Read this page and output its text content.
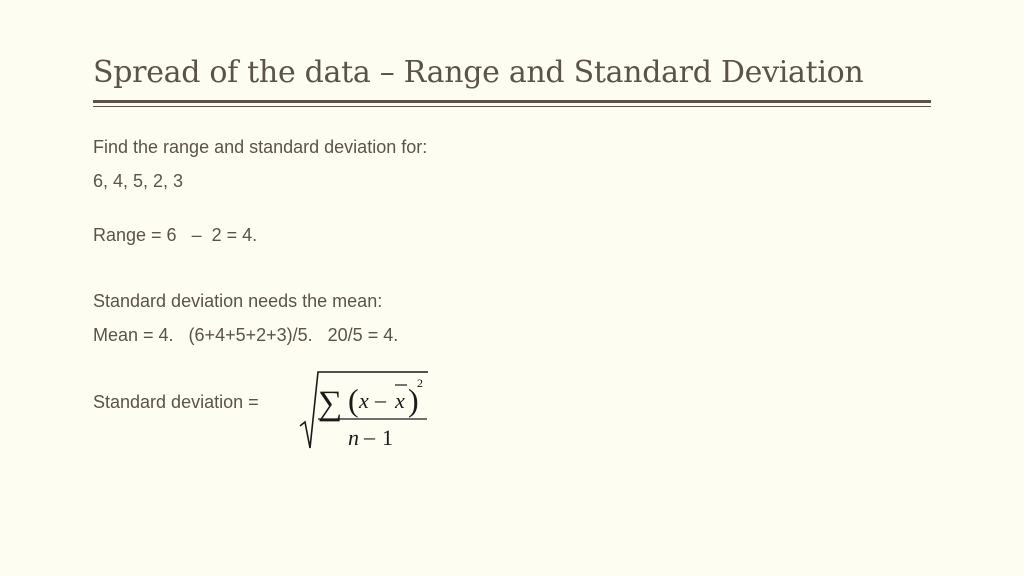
Spread of the data – Range and Standard Deviation
Find the range and standard deviation for:
6, 4, 5, 2, 3
Range = 6   –  2 = 4.
Standard deviation needs the mean:
Mean = 4.   (6+4+5+2+3)/5.   20/5 = 4.
Standard deviation = ∑ ( x – x )
2
n – 1
